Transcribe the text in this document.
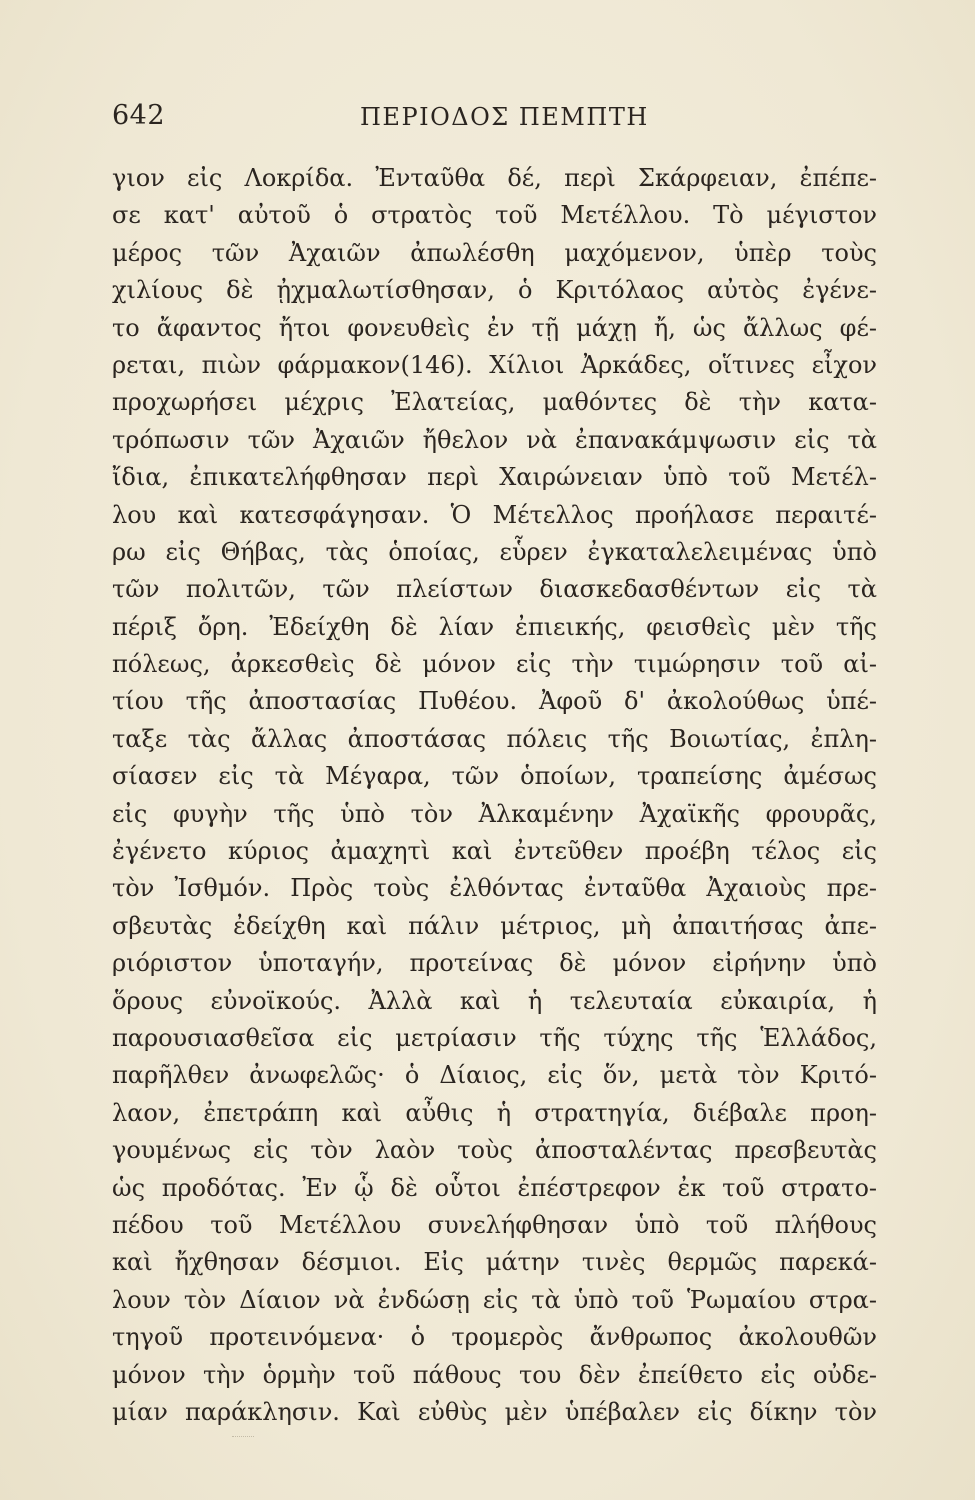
642	ΠΕΡΙΟΔΟΣ ΠΕΜΠΤΗ
γιον εἰς Λοκρίδα. Ἐνταῦθα δέ, περὶ Σκάρφειαν, ἐπέπε-
σε κατ' αὐτοῦ ὁ στρατὸς τοῦ Μετέλλου. Τὸ μέγιστον
μέρος τῶν Ἀχαιῶν ἀπωλέσθη μαχόμενον, ὑπὲρ τοὺς
χιλίους δὲ ᾐχμαλωτίσθησαν, ὁ Κριτόλαος αὐτὸς ἐγένε-
το ἄφαντος ἤτοι φονευθεὶς ἐν τῇ μάχῃ ἤ, ὡς ἄλλως φέ-
ρεται, πιὼν φάρμακον(146). Χίλιοι Ἀρκάδες, οἵτινες εἶχον
προχωρήσει μέχρις Ἐλατείας, μαθόντες δὲ τὴν κατα-
τρόπωσιν τῶν Ἀχαιῶν ἤθελον νὰ ἐπανακάμψωσιν εἰς τὰ
ἴδια, ἐπικατελήφθησαν περὶ Χαιρώνειαν ὑπὸ τοῦ Μετέλ-
λου καὶ κατεσφάγησαν. Ὁ Μέτελλος προήλασε περαιτέ-
ρω εἰς Θήβας, τὰς ὁποίας, εὗρεν ἐγκαταλελειμένας ὑπὸ
τῶν πολιτῶν, τῶν πλείστων διασκεδασθέντων εἰς τὰ
πέριξ ὄρη. Ἐδείχθη δὲ λίαν ἐπιεικής, φεισθεὶς μὲν τῆς
πόλεως, ἀρκεσθεὶς δὲ μόνον εἰς τὴν τιμώρησιν τοῦ αἰ-
τίου τῆς ἀποστασίας Πυθέου. Ἀφοῦ δ' ἀκολούθως ὑπέ-
ταξε τὰς ἄλλας ἀποστάσας πόλεις τῆς Βοιωτίας, ἐπλη-
σίασεν εἰς τὰ Μέγαρα, τῶν ὁποίων, τραπείσης ἀμέσως
εἰς φυγὴν τῆς ὑπὸ τὸν Ἀλκαμένην Ἀχαϊκῆς φρουρᾶς,
ἐγένετο κύριος ἀμαχητὶ καὶ ἐντεῦθεν προέβη τέλος εἰς
τὸν Ἰσθμόν. Πρὸς τοὺς ἐλθόντας ἐνταῦθα Ἀχαιοὺς πρε-
σβευτὰς ἐδείχθη καὶ πάλιν μέτριος, μὴ ἀπαιτήσας ἀπε-
ριόριστον ὑποταγήν, προτείνας δὲ μόνον εἰρήνην ὑπὸ
ὅρους εὐνοϊκούς. Ἀλλὰ καὶ ἡ τελευταία εὐκαιρία, ἡ
παρουσιασθεῖσα εἰς μετρίασιν τῆς τύχης τῆς Ἑλλάδος,
παρῆλθεν ἀνωφελῶς· ὁ Δίαιος, εἰς ὅν, μετὰ τὸν Κριτό-
λαον, ἐπετράπη καὶ αὖθις ἡ στρατηγία, διέβαλε προη-
γουμένως εἰς τὸν λαὸν τοὺς ἀποσταλέντας πρεσβευτὰς
ὡς προδότας. Ἐν ᾧ δὲ οὗτοι ἐπέστρεφον ἐκ τοῦ στρατο-
πέδου τοῦ Μετέλλου συνελήφθησαν ὑπὸ τοῦ πλήθους
καὶ ἤχθησαν δέσμιοι. Εἰς μάτην τινὲς θερμῶς παρεκά-
λουν τὸν Δίαιον νὰ ἐνδώσῃ εἰς τὰ ὑπὸ τοῦ Ῥωμαίου στρα-
τηγοῦ προτεινόμενα· ὁ τρομερὸς ἄνθρωπος ἀκολουθῶν
μόνον τὴν ὁρμὴν τοῦ πάθους του δὲν ἐπείθετο εἰς οὐδε-
μίαν παράκλησιν. Καὶ εὐθὺς μὲν ὑπέβαλεν εἰς δίκην τὸν
